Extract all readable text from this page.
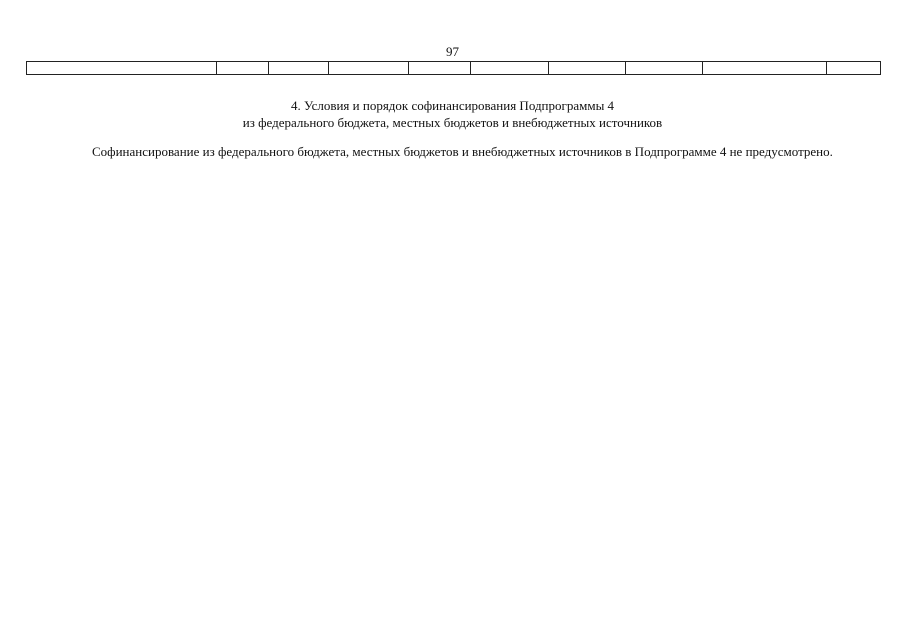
97

4. Условия и порядок софинансирования Подпрограммы 4
из федерального бюджета, местных бюджетов и внебюджетных источников

Софинансирование из федерального бюджета, местных бюджетов и внебюджетных источников в Подпрограмме 4 не предусмотрено.
